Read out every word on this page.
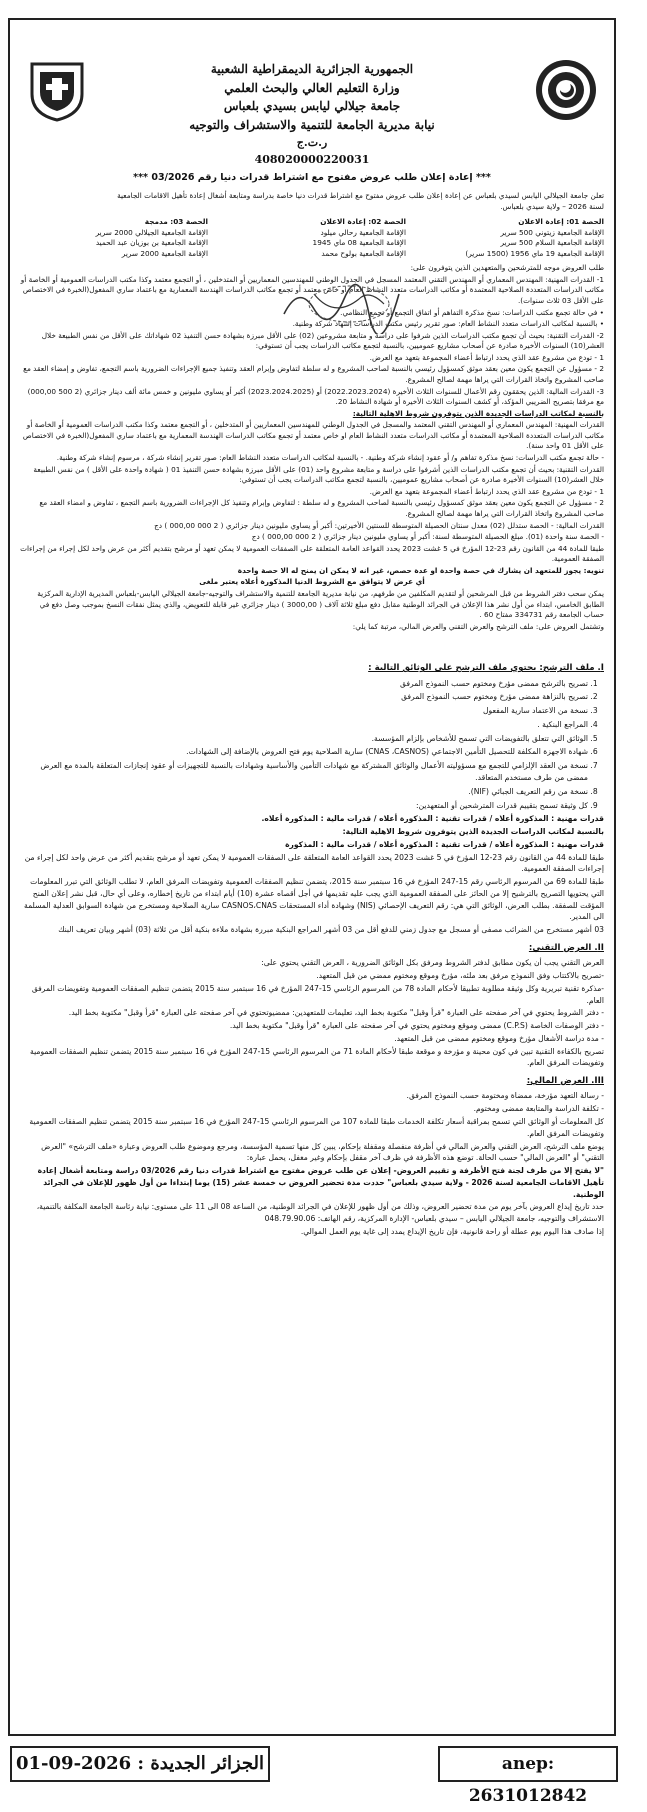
الجمهورية الجزائرية الديمقراطية الشعبية
وزارة التعليم العالي والبحث العلمي
جامعة جيلالي ليابس بسيدي بلعباس
نيابة مديرية الجامعة للتنمية والاستشراف والتوجيه
ر.ت.ج
408020000220031
*** إعادة إعلان طلب عروض مفتوح مع اشتراط قدرات دنيا رقم 03/2026 ***

تعلن جامعة الجيلالي اليابس لسيدي بلعباس عن إعادة إعلان طلب عروض مفتوح مع اشتراط قدرات دنيا خاصة بدراسة ومتابعة أشغال إعادة تأهيل الاقامات الجامعية

لسنة 2026 – ولاية سيدي بلعباس.

الحصة 01: إعادة الاعلان
الإقامة الجامعية زيتوني 500 سرير
الإقامة الجامعية السلام 500 سرير
الإقامة الجامعية 19 ماي 1956 (1500 سرير)
الحصة 02: إعادة الاعلان
الإقامة الجامعية رحالي ميلود
الإقامة الجامعية 08 ماي 1945
الإقامة الجامعية بولوح محمد
الحصة 03: مدمجة
الإقامة الجامعية الجيلالي 2000 سرير
الإقامة الجامعية بن بوزيان عبد الحميد
الإقامة الجامعية 2000 سرير

طلب العروض موجه للمترشحين والمتعهدين الذين يتوفرون على:

1- القدرات المهنية: المهندس المعماري أو المهندس التقني المعتمد المسجل في الجدول الوطني للمهندسين المعماريين أو المتدخلين ، أو التجمع معتمد وكذا مكتب الدراسات العمومية أو الخاصة أو مكاتب الدراسات المتعددة الصلاحية المعتمدة أو مكاتب الدراسات متعدد النشاط العام او خاص معتمد أو تجمع مكاتب الدراسات الهندسة المعمارية مع باعتماد ساري المفعول(الخبرة في الاختصاص على الأقل 03 ثلاث سنوات).

• في حالة تجمع مكتب الدراسات: نسخ مذكرة التفاهم أو اتفاق التجمع أو تجمع النظامي.

• بالنسبة لمكاتب الدراسات متعدد النشاط العام: صور تقرير رئيس مكتب الدراسات إشهاد شركة وطنية.

2- القدرات التقنية: بحيث أن تجمع مكتب الدراسات الذين شرفوا على دراسة و متابعة مشروعين (02) على الأقل مبرزة بشهادة حسن التنفيذ 02 شهاداتك على الأقل من نفس الطبيعة خلال العشر(10) السنوات الأخيرة صادرة عن أصحاب مشاريع عموميين، بالنسبة لتجمع مكاتب الدراسات يجب أن تستوفي:

1 - تودع من مشروع عقد الذي يحدد ارتباط أعضاء المجموعة بتعهد مع العرض.

2 - مسؤول عن التجمع يكون معين بعقد موثق كمسؤول رئيسي بالنسبة لصاحب المشروع و له سلطة لتفاوض وإبرام العقد وتنفيذ جميع الإجراءات الضرورية باسم التجمع، تفاوض و إمضاء العقد مع صاحب المشروع واتخاذ القرارات التي يراها مهمة لصالح المشروع.

3- القدرات المالية: الذين يحققون رقم الأعمال للسنوات الثلاث الأخيرة (2022.2023.2024) أو (2023.2024.2025) أكبر أو يساوي مليونين و خمس مائة ألف دينار جزائري (2 500 000,00) مع مرفقا بتصريح الضريبي المؤكد، أو كشف السنوات الثلاث الأخيرة أو شهادة النشاط 20.

بالنسبة لمكاتب الدراسات الجديدة الذين يتوفرون شروط الاهلية التالية:

القدرات المهنية: المهندس المعماري أو المهندس التقني المعتمد والمسجل في الجدول الوطني للمهندسين المعماريين أو المتدخلين ، أو التجمع معتمد وكذا مكتب الدراسات العمومية أو الخاصة أو مكاتب الدراسات المتعددة الصلاحية المعتمدة أو مكاتب الدراسات متعدد النشاط العام او خاص معتمد أو تجمع مكاتب الدراسات الهندسة المعمارية مع باعتماد ساري المفعول(الخبرة في الاختصاص على الأقل 01 واحد سنة).

- حالة تجمع مكتب الدراسات: نسخ مذكرة تفاهم و/ أو عقود إنشاء شركة وطنية. - بالنسبة لمكاتب الدراسات متعدد النشاط العام: صور تقرير إنشاء شركة ، مرسوم إنشاء شركة وطنية.

القدرات التقنية: بحيث أن تجمع مكتب الدراسات الذين أشرفوا على دراسة و متابعة مشروع واحد (01) على الأقل مبرزة بشهادة حسن التنفيذ 01 ( شهادة واحدة على الأقل ) من نفس الطبيعة خلال العشر(10) السنوات الأخيرة صادرة عن أصحاب مشاريع عموميين، بالنسبة لتجمع مكاتب الدراسات يجب أن تستوفي:

1 - تودع من مشروع عقد الذي يحدد ارتباط أعضاء المجموعة بتعهد مع العرض.

2 - مسؤول عن التجمع يكون معين بعقد موثق كمسؤول رئيسي بالنسبة لصاحب المشروع و له سلطة : لتفاوض وإبرام وتنفيذ كل الإجراءات الضرورية باسم التجمع ، تفاوض و امضاء العقد مع صاحب المشروع واتخاذ القرارات التي يراها مهمة لصالح المشروع.

القدرات المالية: - الحصة ستدلل (02) معدل سنتان الحصيلة المتوسطة للسنتين الأخيرتين: أكبر أو يساوي مليونين دينار جزائري ( 2 000 000,00 ) دج

- الحصة سنة واحدة (01). مبلغ الحصيلة المتوسطة لسنة: أكبر أو يساوي مليونين دينار جزائري ( 2 000 000,00 ) دج

طبقا للمادة 44 من القانون رقم 23-12 المؤرخ في 5 غشت 2023 يحدد القواعد العامة المتعلقة على الصفقات العمومية لا يمكن تعهد أو مرشح بتقديم أكثر من عرض واحد لكل إجراء من إجراءات الصفقة العمومية.

تنويه: يجوز للمتعهد ان يشارك في حصة واحدة او عدة حصص، غير انه لا يمكن ان يمنح له الا حصة واحدة

أي عرض لا يتوافق مع الشروط الدنيا المذكورة أعلاه يعتبر ملغى

يمكن سحب دفتر الشروط من قبل المرشحين أو لتقديم المكلفين من طرفهم، من نيابة مديرية الجامعة للتنمية والاستشراف والتوجيه-جامعة الجيلالي اليابس-بلعباس المديرية الإدارية المركزية الطابق الخامس، ابتداء من أول نشر هذا الإعلان في الجرائد الوطنية مقابل دفع مبلغ ثلاثة آلاف ( 3000,00 ) دينار جزائري غير قابلة للتعويض، والذي يمثل نفقات النسخ بموجب وصل دفع في حساب الجامعة رقم 334731 مفتاح 60 .

وتشتمل العروض على: ملف الترشح والعرض التقني والعرض المالي، مرتبة كما يلي:

I. ملف الترشح: يحتوي ملف الترشح على الوثائق التالية :
1. تصريح بالترشح ممضى مؤرخ ومختوم حسب النموذج المرفق
2. تصريح بالنزاهة ممضى مؤرخ ومختوم حسب النموذج المرفق
3. نسخة من الاعتماد سارية المفعول
4. المراجع البنكية .
5. الوثائق التي تتعلق بالتفويضات التي تسمح للأشخاص بإلزام المؤسسة.
6. شهادة الاجهزة المكلفة للتحصيل التأمين الاجتماعي (CNAS ،CASNOS) سارية الصلاحية يوم فتح العروض بالإضافة إلى الشهادات.
7. نسخة من العقد الإلزامي للتجمع مع مسؤوليته الأعمال والوثائق المشتركة مع شهادات التأمين والأساسية وشهادات بالنسبة للتجهيزات أو عقود إنجازات المتعلقة بالمدة مع العرض ممضى من طرف مستخدم المتعاقد.
8. نسخة من رقم التعريف الجبائي (NIF).
9. كل وثيقة تسمح بتقييم قدرات المترشحين أو المتعهدين:

قدرات مهنية : المذكورة أعلاه / قدرات تقنية : المذكورة أعلاه / قدرات مالية : المذكورة أعلاه.

بالنسبة لمكاتب الدراسات الجديدة الذين يتوفرون شروط الاهلية التالية:

قدرات مهنية : المذكورة أعلاه / قدرات تقنية : المذكورة أعلاه / قدرات مالية : المذكورة

طبقا للمادة 44 من القانون رقم 23-12 المؤرخ في 5 غشت 2023 يحدد القواعد العامة المتعلقة على الصفقات العمومية لا يمكن تعهد أو مرشح بتقديم أكثر من عرض واحد لكل إجراء من إجراءات الصفقة العمومية.

طبقا للمادة 69 من المرسوم الرئاسي رقم 15-247 المؤرخ في 16 سبتمبر سنة 2015، يتضمن تنظيم الصفقات العمومية وتفويضات المرفق العام، لا تطلب الوثائق التي تبرر المعلومات التي يحتويها التصريح بالترشيح إلا من الحائز على الصفقة العمومية الذي يجب عليه تقديمها في أجل أقصاه عشرة (10) أيام ابتداء من تاريخ إخطاره، وعلى أي حال، قبل نشر إعلان المنح المؤقت للصفقة. بطلب العرض، الوثائق التي هي: رقم التعريف الإحصائي (NIS) وشهادة أداء المستحقات CASNOS،CNAS سارية الصلاحية ومستخرج من شهادة السوابق العدلية المسلمة الى المدير.

03 أشهر مستخرج من الضرائب مصفى أو مسجل مع جدول زمني للدفع أقل من 03 أشهر المراجع البنكية مبررة بشهادة ملاءة بنكية أقل من ثلاثة (03) أشهر وبيان تعريف البنك

II. العرض التقني:

العرض التقني يجب أن يكون مطابق لدفتر الشروط ومرفق بكل الوثائق الضرورية ، العرض التقني يحتوي على:

-تصريح بالاكتتاب وفق النموذج مرفق بعد ملئه، مؤرخ وموقع ومختوم ممضي من قبل المتعهد.

-مذكرة تقنية تبريرية وكل وثيقة مطلوبة تطبيقا لأحكام المادة 78 من المرسوم الرئاسي 15-247 المؤرخ في 16 سبتمبر سنة 2015 يتضمن تنظيم الصفقات العمومية وتفويضات المرفق العام.

- دفتر الشروط يحتوي في آخر صفحته على العبارة "قرأ وقبل" مكتوبة بخط اليد، تعليمات للمتعهدين: ممضيوتحتوي في آخر صفحته على العبارة "قرأ وقبل" مكتوبة بخط اليد.

- دفتر الوصفات الخاصة (C.P.S) ممضى وموقع ومختوم يحتوي في آخر صفحته على العبارة "قرأ وقبل" مكتوبة بخط اليد.

- مدة دراسة الأشغال مؤرخ وموقع ومختوم ممضى من قبل المتعهد.

تصريح بالكفاءة التقنية تبين في كون محينة و مؤرخة و موقعة طبقا لأحكام المادة 71 من المرسوم الرئاسي 15-247 المؤرخ في 16 سبتمبر سنة 2015 يتضمن تنظيم الصفقات العمومية وتفويضات المرفق العام.

III. العرض المالي:

- رسالة التعهد مؤرخة، ممضاة ومختومة حسب النموذج المرفق.

- تكلفة الدراسة والمتابعة ممضى ومختوم.

كل المعلومات أو الوثائق التي تسمح بمراقبة أسعار تكلفة الخدمات طبقا للمادة 107 من المرسوم الرئاسي 15-247 المؤرخ في 16 سبتمبر سنة 2015 يتضمن تنظيم الصفقات العمومية وتفويضات المرفق العام.

يوضع ملف الترشح، العرض التقني والعرض المالي في أظرفة منفصلة ومقفلة بإحكام، يبين كل منها تسمية المؤسسة، ومرجع وموضوع طلب العروض وعبارة «ملف الترشح» "العرض التقني" أو "العرض المالي" حسب الحالة. توضع هذه الأظرفة في ظرف آخر مقفل بإحكام وغير مغفل، يحمل عبارة:

"لا يفتح إلا من طرف لجنة فتح الأظرفة و تقييم العروض- إعلان عن طلب عروض مفتوح مع اشتراط قدرات دنيا رقم 03/2026 دراسة ومتابعة أشغال إعادة تأهيل الاقامات الجامعية لسنة 2026 - ولاية سيدي بلعباس" حددت مدة تحضير العروض ب خمسة عشر (15) يوما إبتداءا من أول ظهور للإعلان في الجرائد الوطنية.

حدد تاريخ إيداع العروض بآخر يوم من مدة تحضير العروض، وذلك من أول ظهور للإعلان في الجرائد الوطنية، من الساعة 08 الى 11 على مستوى: نيابة رئاسة الجامعة المكلفة بالتنمية، الاستشراف والتوجيه، جامعة الجيلالي اليابس – سيدي بلعباس- الإدارة المركزية، رقم الهاتف: 048.79.90.06

إذا صادف هذا اليوم يوم عطلة أو راحة قانونية، فإن تاريخ الإيداع يمدد إلى غاية يوم العمل الموالي.

الجزائر الجديدة : 2026-09-01	anep: 2631012842
